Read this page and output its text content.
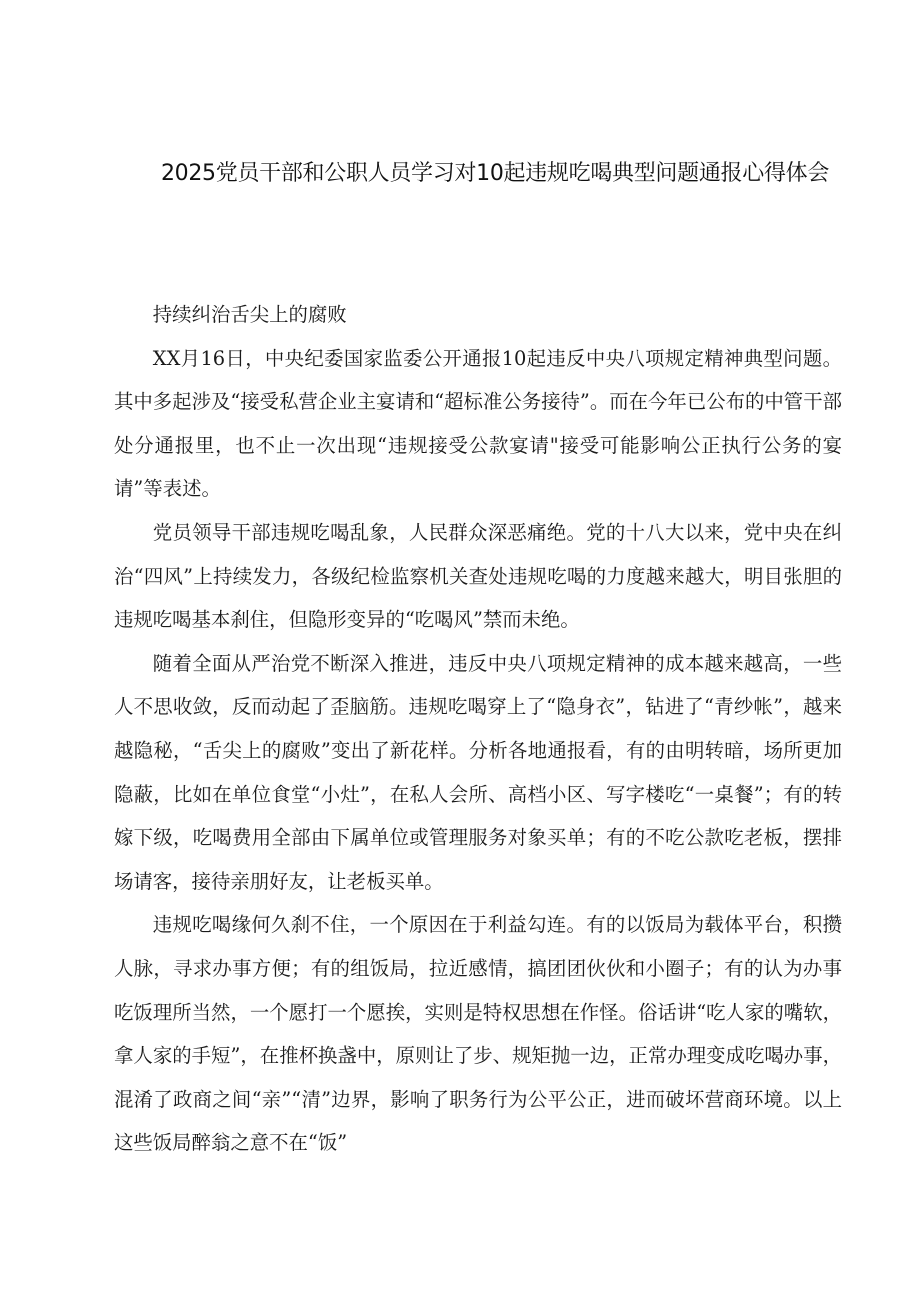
2025党员干部和公职人员学习对10起违规吃喝典型问题通报心得体会

持续纠治舌尖上的腐败

XX月16日，中央纪委国家监委公开通报10起违反中央八项规定精神典型问题。其中多起涉及“接受私营企业主宴请和“超标准公务接待”。而在今年已公布的中管干部处分通报里，也不止一次出现“违规接受公款宴请"接受可能影响公正执行公务的宴请”等表述。

党员领导干部违规吃喝乱象，人民群众深恶痛绝。党的十八大以来，党中央在纠治“四风”上持续发力，各级纪检监察机关查处违规吃喝的力度越来越大，明目张胆的违规吃喝基本刹住，但隐形变异的“吃喝风”禁而未绝。

随着全面从严治党不断深入推进，违反中央八项规定精神的成本越来越高，一些人不思收敛，反而动起了歪脑筋。违规吃喝穿上了“隐身衣”，钻进了“青纱帐”，越来越隐秘，“舌尖上的腐败”变出了新花样。分析各地通报看，有的由明转暗，场所更加隐蔽，比如在单位食堂“小灶”，在私人会所、高档小区、写字楼吃“一桌餐”；有的转嫁下级，吃喝费用全部由下属单位或管理服务对象买单；有的不吃公款吃老板，摆排场请客，接待亲朋好友，让老板买单。

违规吃喝缘何久刹不住，一个原因在于利益勾连。有的以饭局为载体平台，积攒人脉，寻求办事方便；有的组饭局，拉近感情，搞团团伙伙和小圈子；有的认为办事吃饭理所当然，一个愿打一个愿挨，实则是特权思想在作怪。俗话讲“吃人家的嘴软，拿人家的手短”，在推杯换盏中，原则让了步、规矩抛一边，正常办理变成吃喝办事，混淆了政商之间“亲”“清”边界，影响了职务行为公平公正，进而破坏营商环境。以上这些饭局醉翁之意不在“饭”
